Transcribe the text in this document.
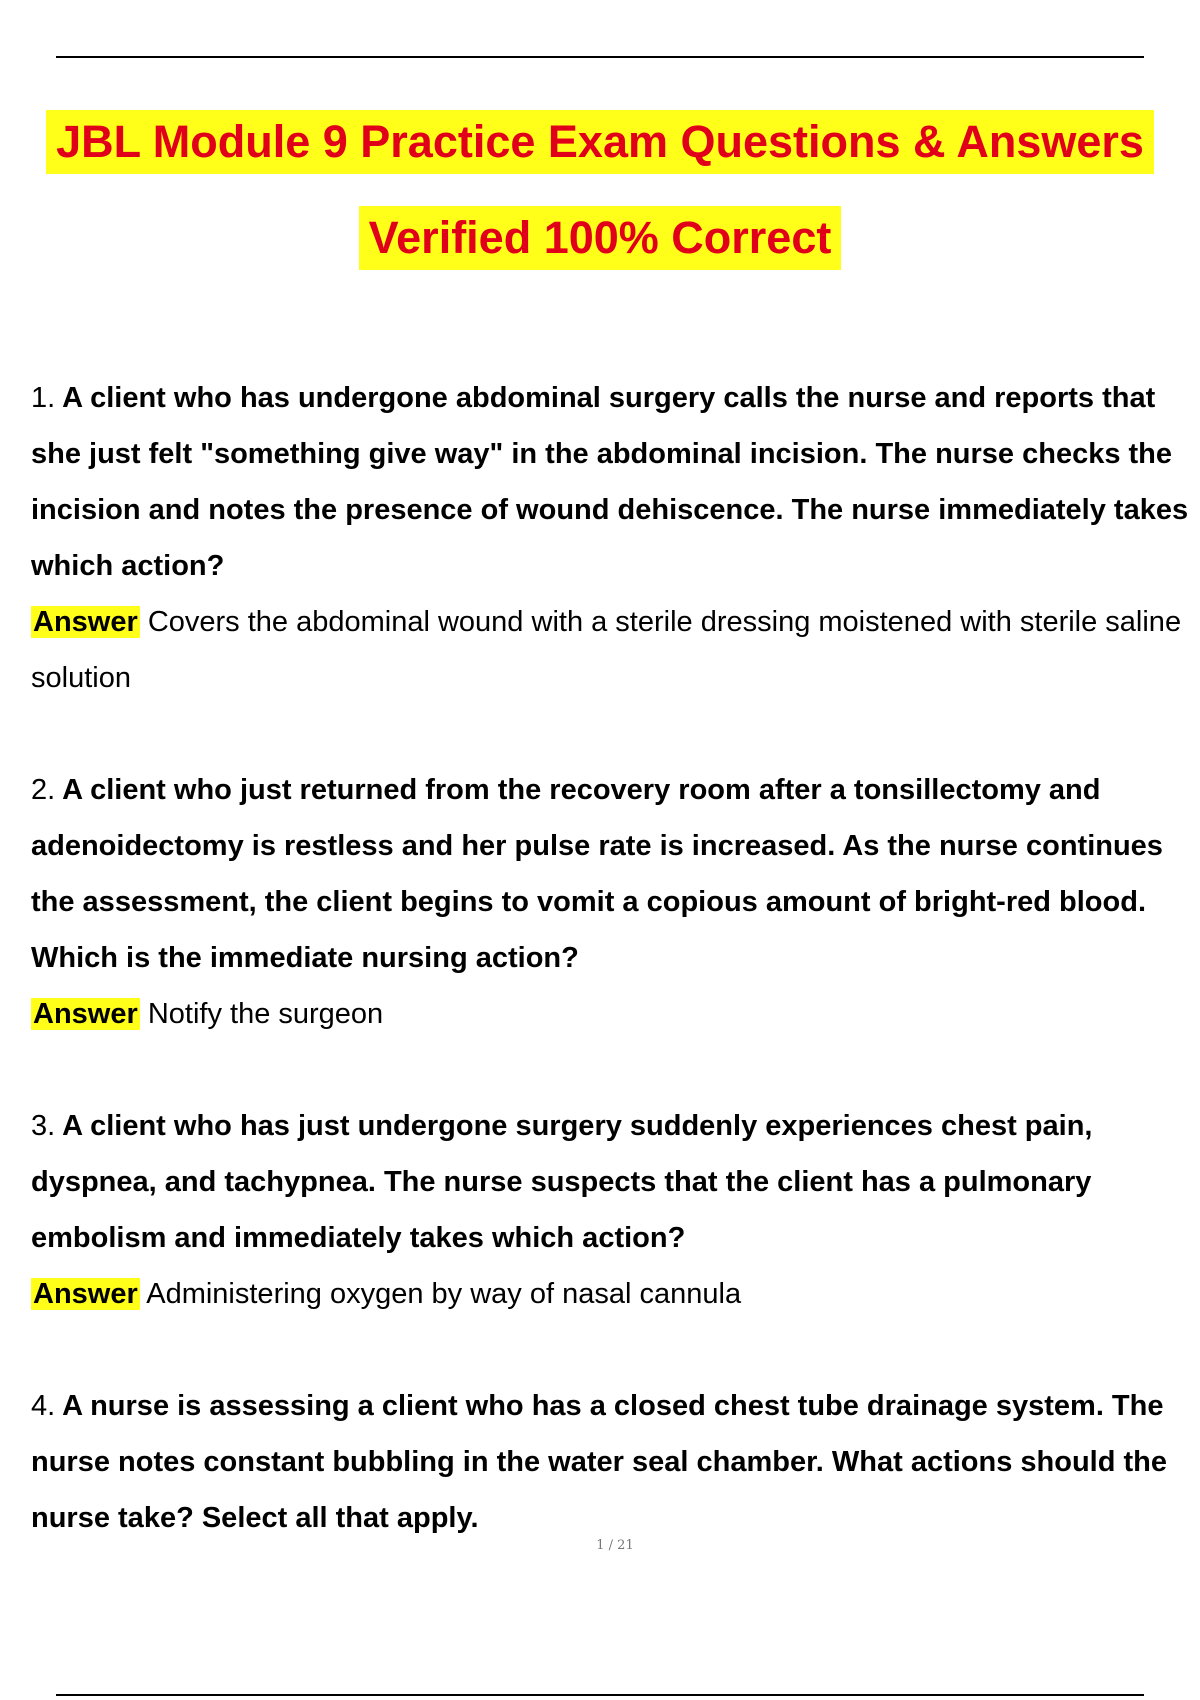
JBL Module 9 Practice Exam Questions & Answers
Verified 100% Correct

1. A client who has undergone abdominal surgery calls the nurse and reports that she just felt "something give way" in the abdominal incision. The nurse checks the incision and notes the presence of wound dehiscence. The nurse immediately takes which action?

Answer Covers the abdominal wound with a sterile dressing moistened with sterile saline solution

2. A client who just returned from the recovery room after a tonsillectomy and adenoidectomy is restless and her pulse rate is increased. As the nurse continues the assessment, the client begins to vomit a copious amount of bright-red blood. Which is the immediate nursing action?

Answer Notify the surgeon

3. A client who has just undergone surgery suddenly experiences chest pain, dyspnea, and tachypnea. The nurse suspects that the client has a pulmonary embolism and immediately takes which action?

Answer Administering oxygen by way of nasal cannula

4. A nurse is assessing a client who has a closed chest tube drainage system. The nurse notes constant bubbling in the water seal chamber. What actions should the nurse take? Select all that apply.

1 / 21
